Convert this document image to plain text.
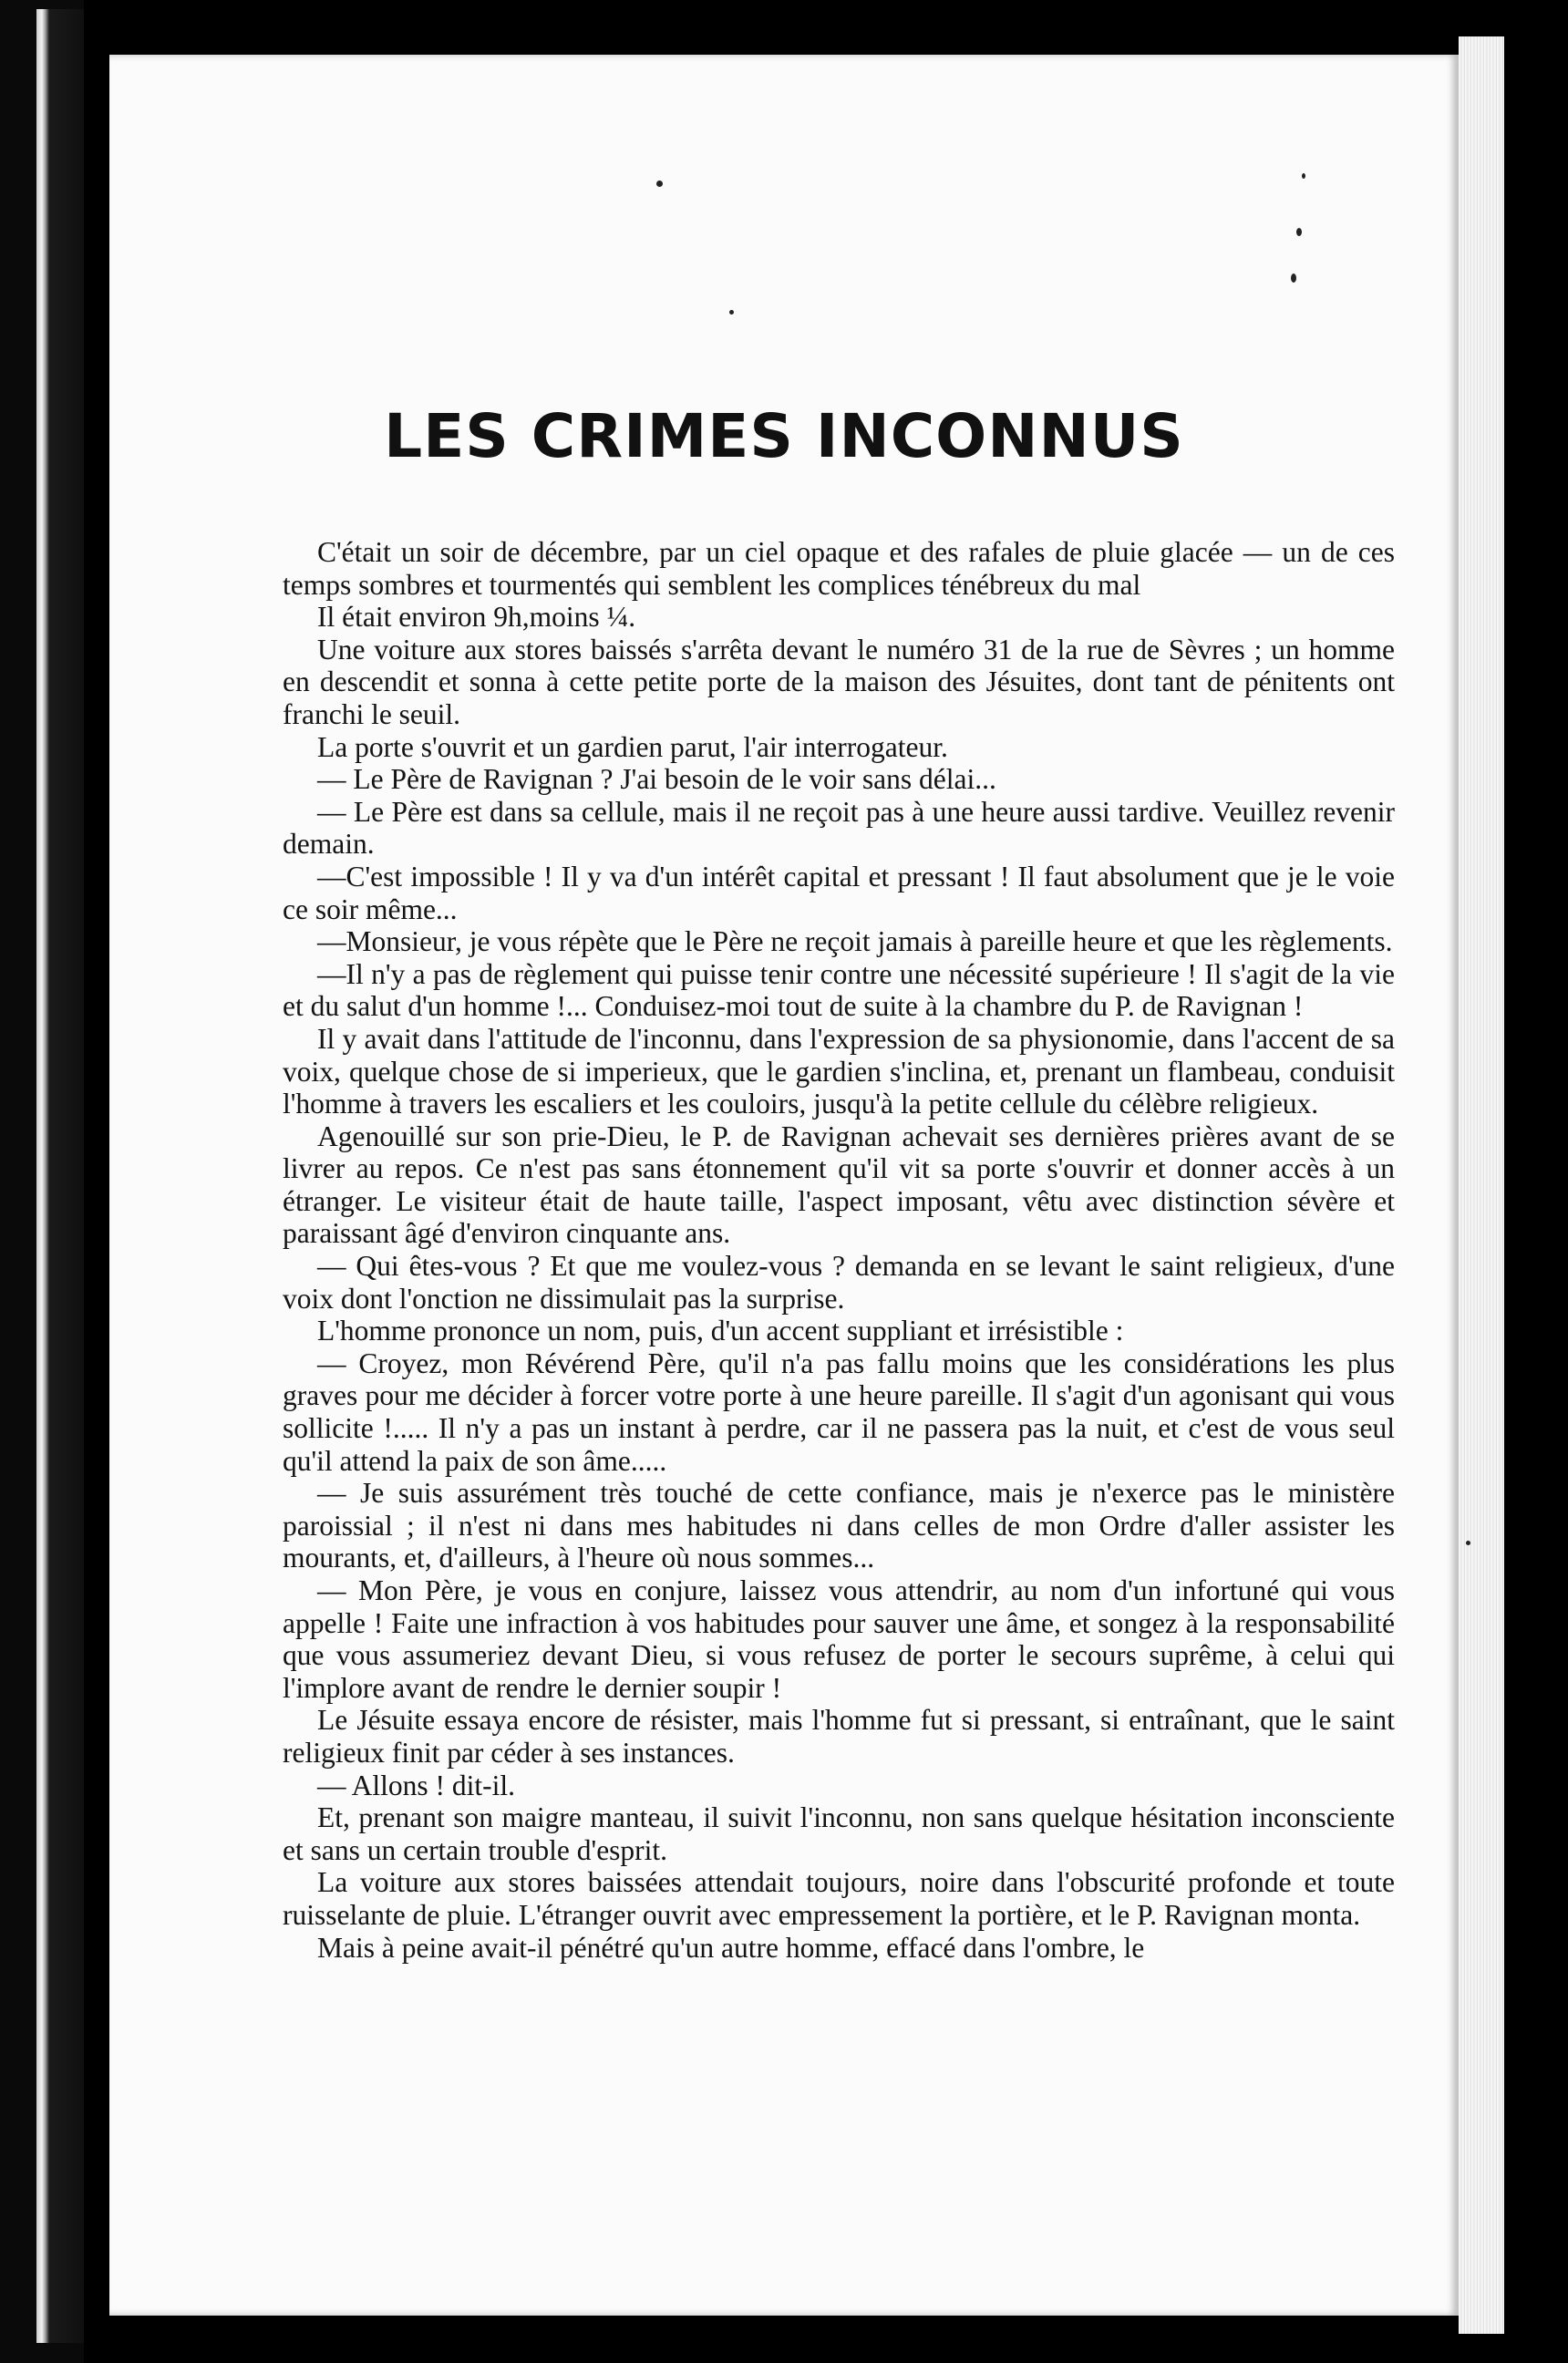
LES CRIMES INCONNUS

C'était un soir de décembre, par un ciel opaque et des rafales de pluie glacée — un de ces temps sombres et tourmentés qui semblent les complices ténébreux du mal

Il était environ 9h,moins ¼.

Une voiture aux stores baissés s'arrêta devant le numéro 31 de la rue de Sèvres ; un homme en descendit et sonna à cette petite porte de la maison des Jésuites, dont tant de pénitents ont franchi le seuil.

La porte s'ouvrit et un gardien parut, l'air interrogateur.

— Le Père de Ravignan ? J'ai besoin de le voir sans délai...

— Le Père est dans sa cellule, mais il ne reçoit pas à une heure aussi tardive. Veuillez revenir demain.

—C'est impossible ! Il y va d'un intérêt capital et pressant ! Il faut absolument que je le voie ce soir même...

—Monsieur, je vous répète que le Père ne reçoit jamais à pareille heure et que les règlements.

—Il n'y a pas de règlement qui puisse tenir contre une nécessité supérieure ! Il s'agit de la vie et du salut d'un homme !... Conduisez-moi tout de suite à la chambre du P. de Ravignan !

Il y avait dans l'attitude de l'inconnu, dans l'expression de sa physionomie, dans l'accent de sa voix, quelque chose de si imperieux, que le gardien s'inclina, et, prenant un flambeau, conduisit l'homme à travers les escaliers et les couloirs, jusqu'à la petite cellule du célèbre religieux.

Agenouillé sur son prie-Dieu, le P. de Ravignan achevait ses dernières prières avant de se livrer au repos. Ce n'est pas sans étonnement qu'il vit sa porte s'ouvrir et donner accès à un étranger. Le visiteur était de haute taille, l'aspect imposant, vêtu avec distinction sévère et paraissant âgé d'environ cinquante ans.

— Qui êtes-vous ? Et que me voulez-vous ? demanda en se levant le saint religieux, d'une voix dont l'onction ne dissimulait pas la surprise.

L'homme prononce un nom, puis, d'un accent suppliant et irrésistible :

— Croyez, mon Révérend Père, qu'il n'a pas fallu moins que les considérations les plus graves pour me décider à forcer votre porte à une heure pareille. Il s'agit d'un agonisant qui vous sollicite !..... Il n'y a pas un instant à perdre, car il ne passera pas la nuit, et c'est de vous seul qu'il attend la paix de son âme.....

— Je suis assurément très touché de cette confiance, mais je n'exerce pas le ministère paroissial ; il n'est ni dans mes habitudes ni dans celles de mon Ordre d'aller assister les mourants, et, d'ailleurs, à l'heure où nous sommes...

— Mon Père, je vous en conjure, laissez vous attendrir, au nom d'un infortuné qui vous appelle ! Faite une infraction à vos habitudes pour sauver une âme, et songez à la responsabilité que vous assumeriez devant Dieu, si vous refusez de porter le secours suprême, à celui qui l'implore avant de rendre le dernier soupir !

Le Jésuite essaya encore de résister, mais l'homme fut si pressant, si entraînant, que le saint religieux finit par céder à ses instances.

— Allons ! dit-il.

Et, prenant son maigre manteau, il suivit l'inconnu, non sans quelque hésitation inconsciente et sans un certain trouble d'esprit.

La voiture aux stores baissées attendait toujours, noire dans l'obscurité profonde et toute ruisselante de pluie. L'étranger ouvrit avec empressement la portière, et le P. Ravignan monta.

Mais à peine avait-il pénétré qu'un autre homme, effacé dans l'ombre, le
